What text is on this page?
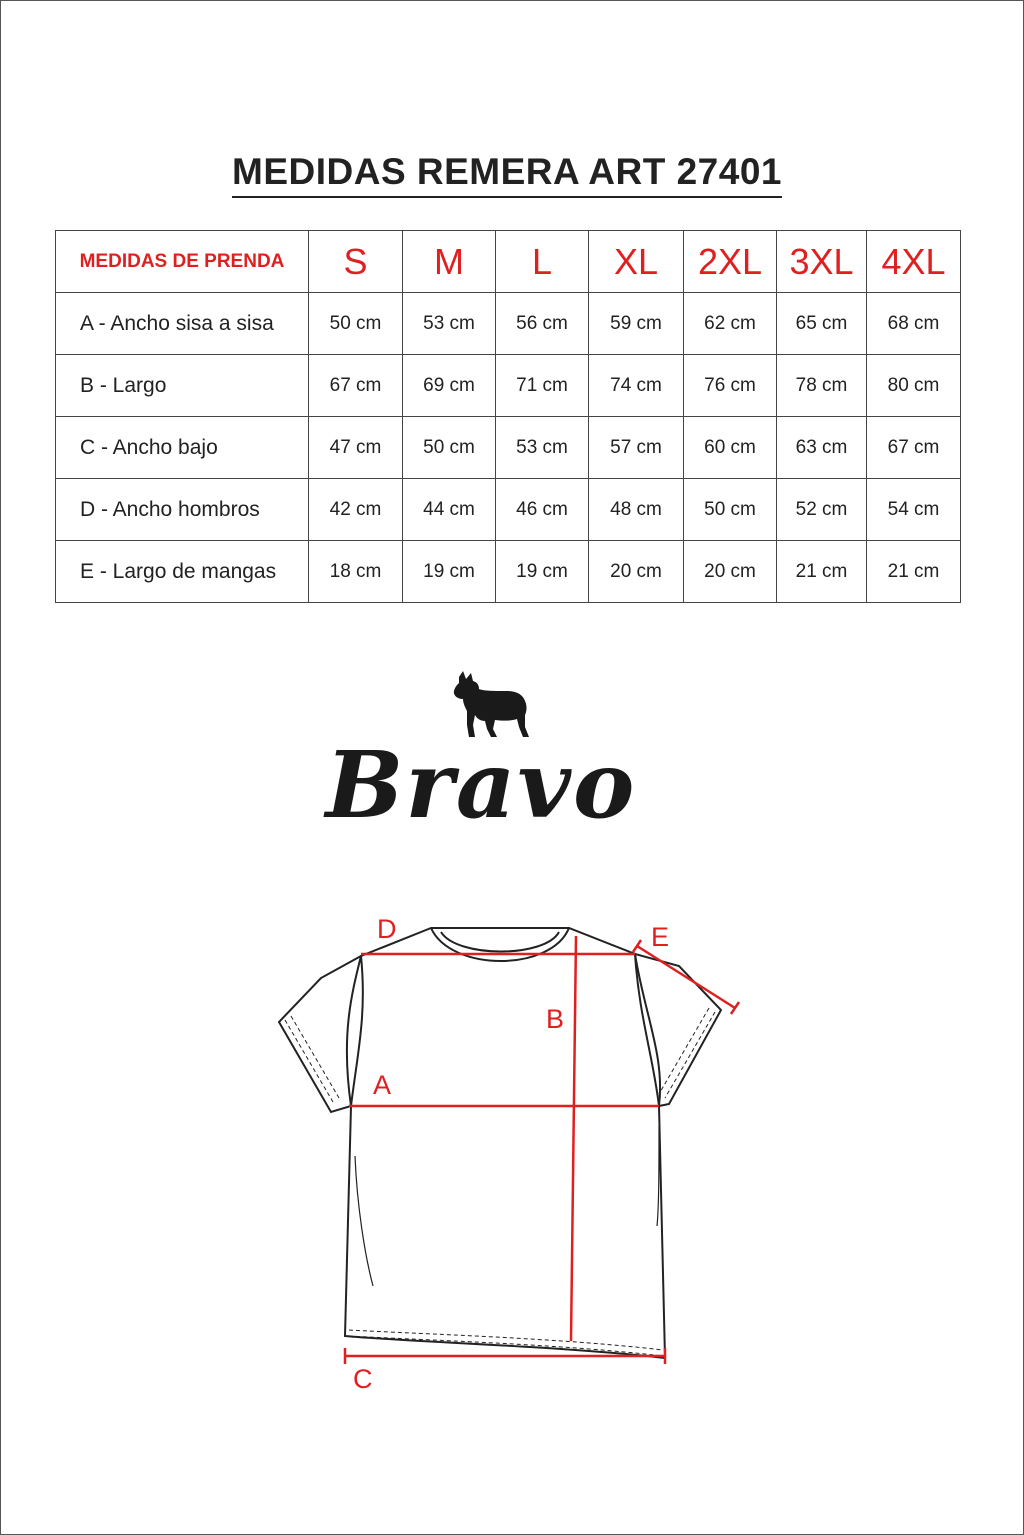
MEDIDAS REMERA ART 27401
MEDIDAS DE PRENDA	S	M	L	XL	2XL	3XL	4XL
A - Ancho sisa a sisa	50 cm	53 cm	56 cm	59 cm	62 cm	65 cm	68 cm
B - Largo	67 cm	69 cm	71 cm	74 cm	76 cm	78 cm	80 cm
C - Ancho bajo	47 cm	50 cm	53 cm	57 cm	60 cm	63 cm	67 cm
D - Ancho hombros	42 cm	44 cm	46 cm	48 cm	50 cm	52 cm	54 cm
E - Largo de mangas	18 cm	19 cm	19 cm	20 cm	20 cm	21 cm	21 cm
Bravo
D	E
B
A
C
